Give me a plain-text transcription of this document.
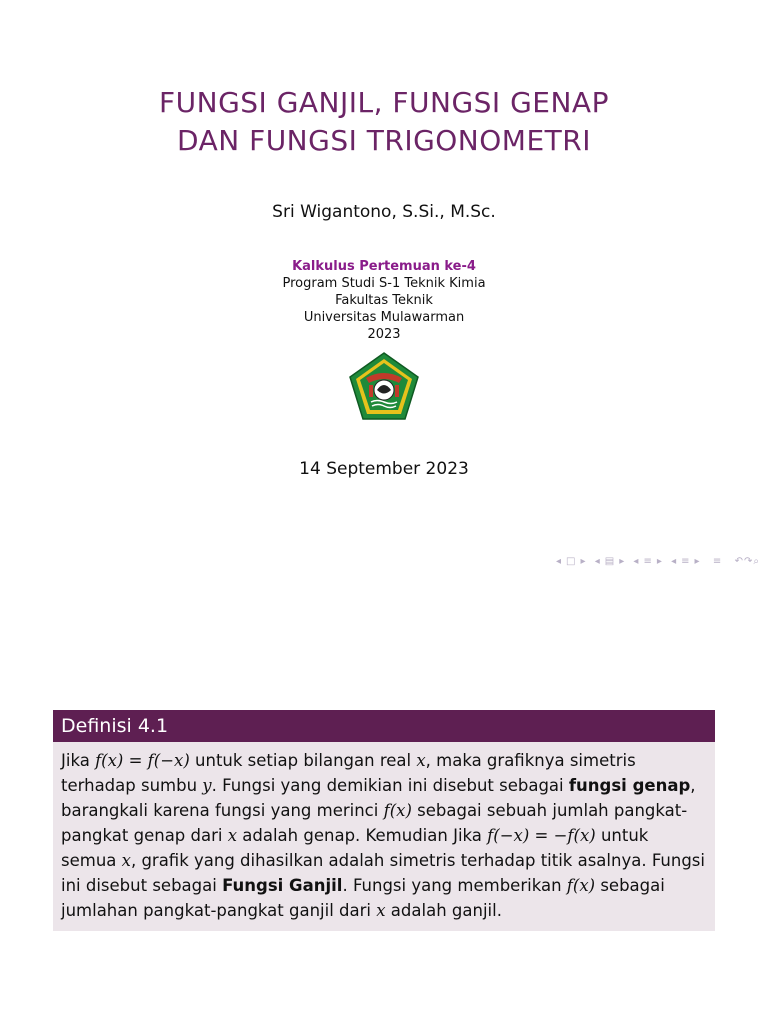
FUNGSI GANJIL, FUNGSI GENAP
DAN FUNGSI TRIGONOMETRI
Sri Wigantono, S.Si., M.Sc.
Kalkulus Pertemuan ke-4
Program Studi S-1 Teknik Kimia
Fakultas Teknik
Universitas Mulawarman
2023
14 September 2023
◂ □ ▸ ◂ ▤ ▸ ◂ ≡ ▸ ◂ ≡ ▸  ≡  ↶↷⌕
Definisi 4.1

Jika f(x) = f(−x) untuk setiap bilangan real x, maka grafiknya simetris terhadap sumbu y. Fungsi yang demikian ini disebut sebagai fungsi genap, barangkali karena fungsi yang merinci f(x) sebagai sebuah jumlah pangkat-pangkat genap dari x adalah genap. Kemudian Jika f(−x) = −f(x) untuk semua x, grafik yang dihasilkan adalah simetris terhadap titik asalnya. Fungsi ini disebut sebagai Fungsi Ganjil. Fungsi yang memberikan f(x) sebagai jumlahan pangkat-pangkat ganjil dari x adalah ganjil.
